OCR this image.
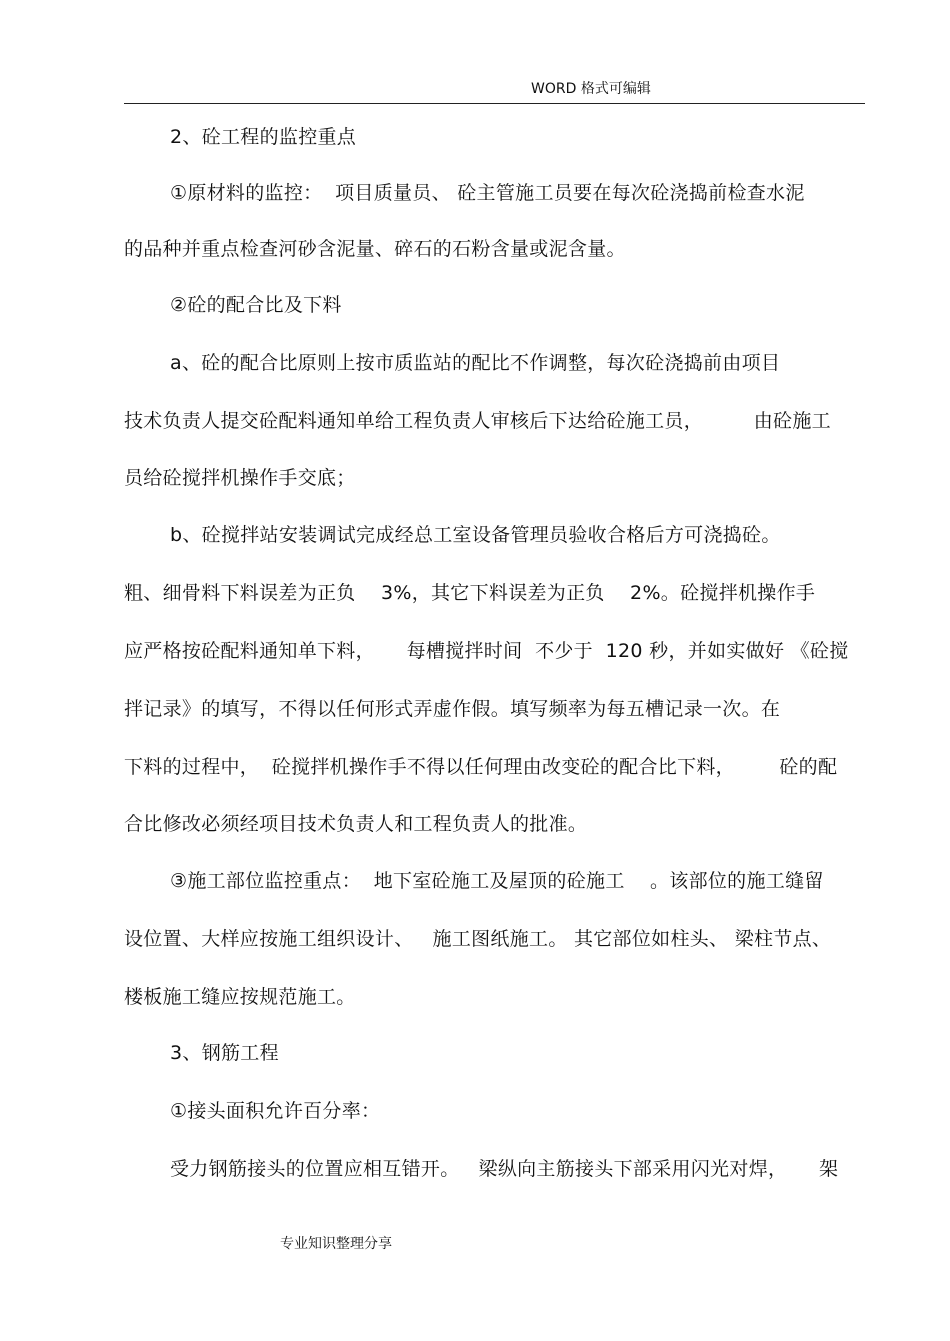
WORD 格式可编辑
2、砼工程的监控重点
①原材料的监控：  项目质量员、 砼主管施工员要在每次砼浇捣前检查水泥
的品种并重点检查河砂含泥量、碎石的石粉含量或泥含量。
②砼的配合比及下料
a、砼的配合比原则上按市质监站的配比不作调整，每次砼浇捣前由项目
技术负责人提交砼配料通知单给工程负责人审核后下达给砼施工员，        由砼施工
员给砼搅拌机操作手交底；
b、砼搅拌站安装调试完成经总工室设备管理员验收合格后方可浇捣砼。
粗、细骨料下料误差为正负    3%，其它下料误差为正负    2%。砼搅拌机操作手
应严格按砼配料通知单下料，     每槽搅拌时间  不少于  120 秒，并如实做好 《砼搅
拌记录》的填写，不得以任何形式弄虚作假。填写频率为每五槽记录一次。在
下料的过程中，  砼搅拌机操作手不得以任何理由改变砼的配合比下料，       砼的配
合比修改必须经项目技术负责人和工程负责人的批准。
③施工部位监控重点：  地下室砼施工及屋顶的砼施工    。该部位的施工缝留
设位置、大样应按施工组织设计、   施工图纸施工。 其它部位如柱头、 梁柱节点、
楼板施工缝应按规范施工。
3、钢筋工程
①接头面积允许百分率：
受力钢筋接头的位置应相互错开。   梁纵向主筋接头下部采用闪光对焊，     架
专业知识整理分享
